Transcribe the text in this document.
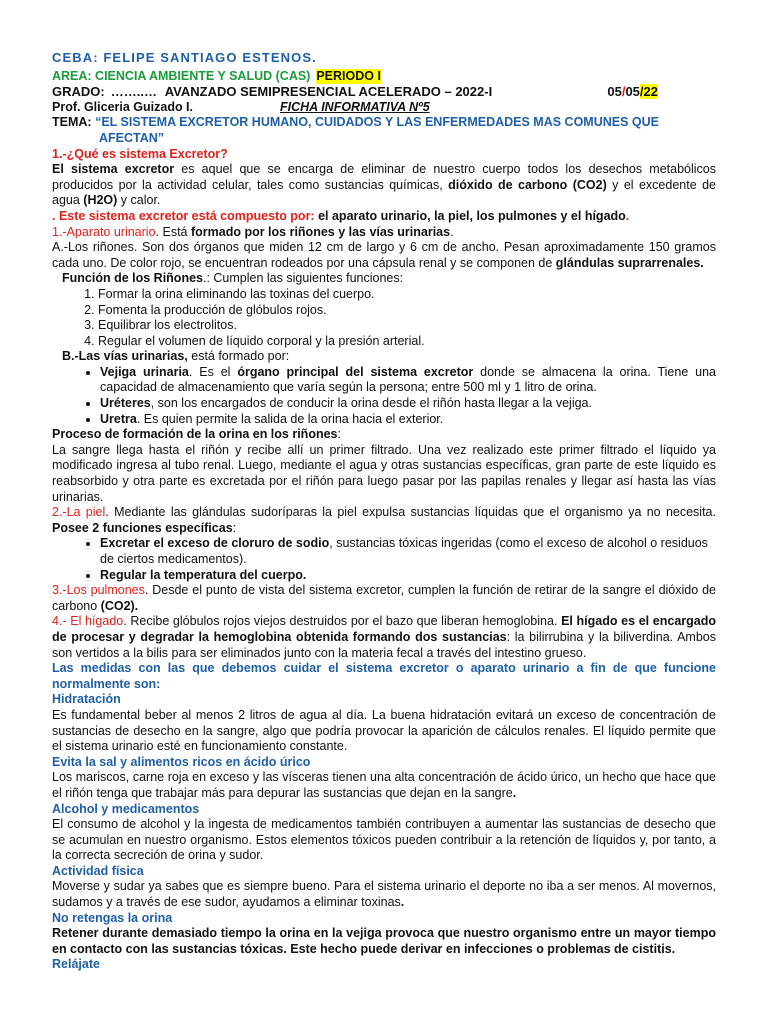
CEBA: FELIPE SANTIAGO ESTENOS.
AREA: CIENCIA AMBIENTE Y SALUD (CAS) PERIODO I
GRADO: ……..… AVANZADO SEMIPRESENCIAL ACELERADO – 2022-I	05/05/22
Prof. Gliceria Guizado I.	FICHA INFORMATIVA Nº5
TEMA: “EL SISTEMA EXCRETOR HUMANO, CUIDADOS Y LAS ENFERMEDADES MAS COMUNES QUE
AFECTAN”
1.-¿Qué es sistema Excretor?
El sistema excretor es aquel que se encarga de eliminar de nuestro cuerpo todos los desechos metabólicos producidos por la actividad celular, tales como sustancias químicas, dióxido de carbono (CO2) y el excedente de agua (H2O) y calor.
. Este sistema excretor está compuesto por: el aparato urinario, la piel, los pulmones y el hígado.
1.-Aparato urinario. Está formado por los riñones y las vías urinarias.
A.-Los riñones. Son dos órganos que miden 12 cm de largo y 6 cm de ancho. Pesan aproximadamente 150 gramos cada uno. De color rojo, se encuentran rodeados por una cápsula renal y se componen de glándulas suprarrenales.
Función de los Riñones.: Cumplen las siguientes funciones:
1. Formar la orina eliminando las toxinas del cuerpo.
2. Fomenta la producción de glóbulos rojos.
3. Equilibrar los electrolitos.
4. Regular el volumen de líquido corporal y la presión arterial.
B.-Las vías urinarias, está formado por:
• Vejiga urinaria. Es el órgano principal del sistema excretor donde se almacena la orina. Tiene una capacidad de almacenamiento que varía según la persona; entre 500 ml y 1 litro de orina.
• Uréteres, son los encargados de conducir la orina desde el riñón hasta llegar a la vejiga.
• Uretra. Es quien permite la salida de la orina hacia el exterior.
Proceso de formación de la orina en los riñones:
La sangre llega hasta el riñón y recibe allí un primer filtrado. Una vez realizado este primer filtrado el líquido ya modificado ingresa al tubo renal. Luego, mediante el agua y otras sustancias específicas, gran parte de este líquido es reabsorbido y otra parte es excretada por el riñón para luego pasar por las papilas renales y llegar así hasta las vías urinarias.
2.-La piel. Mediante las glándulas sudoríparas la piel expulsa sustancias líquidas que el organismo ya no necesita. Posee 2 funciones específicas:
• Excretar el exceso de cloruro de sodio, sustancias tóxicas ingeridas (como el exceso de alcohol o residuos de ciertos medicamentos).
• Regular la temperatura del cuerpo.
3.-Los pulmones. Desde el punto de vista del sistema excretor, cumplen la función de retirar de la sangre el dióxido de carbono (CO2).
4.- El hígado. Recibe glóbulos rojos viejos destruidos por el bazo que liberan hemoglobina. El hígado es el encargado de procesar y degradar la hemoglobina obtenida formando dos sustancias: la bilirrubina y la biliverdina. Ambos son vertidos a la bilis para ser eliminados junto con la materia fecal a través del intestino grueso.
Las medidas con las que debemos cuidar el sistema excretor o aparato urinario a fin de que funcione normalmente son:
Hidratación
Es fundamental beber al menos 2 litros de agua al día. La buena hidratación evitará un exceso de concentración de sustancias de desecho en la sangre, algo que podría provocar la aparición de cálculos renales. El líquido permite que el sistema urinario esté en funcionamiento constante.
Evita la sal y alimentos ricos en ácido úrico
Los mariscos, carne roja en exceso y las vísceras tienen una alta concentración de ácido úrico, un hecho que hace que el riñón tenga que trabajar más para depurar las sustancias que dejan en la sangre.
Alcohol y medicamentos
El consumo de alcohol y la ingesta de medicamentos también contribuyen a aumentar las sustancias de desecho que se acumulan en nuestro organismo. Estos elementos tóxicos pueden contribuir a la retención de líquidos y, por tanto, a la correcta secreción de orina y sudor.
Actividad física
Moverse y sudar ya sabes que es siempre bueno. Para el sistema urinario el deporte no iba a ser menos. Al movernos, sudamos y a través de ese sudor, ayudamos a eliminar toxinas.
No retengas la orina
Retener durante demasiado tiempo la orina en la vejiga provoca que nuestro organismo entre un mayor tiempo en contacto con las sustancias tóxicas. Este hecho puede derivar en infecciones o problemas de cistitis.
Relájate
